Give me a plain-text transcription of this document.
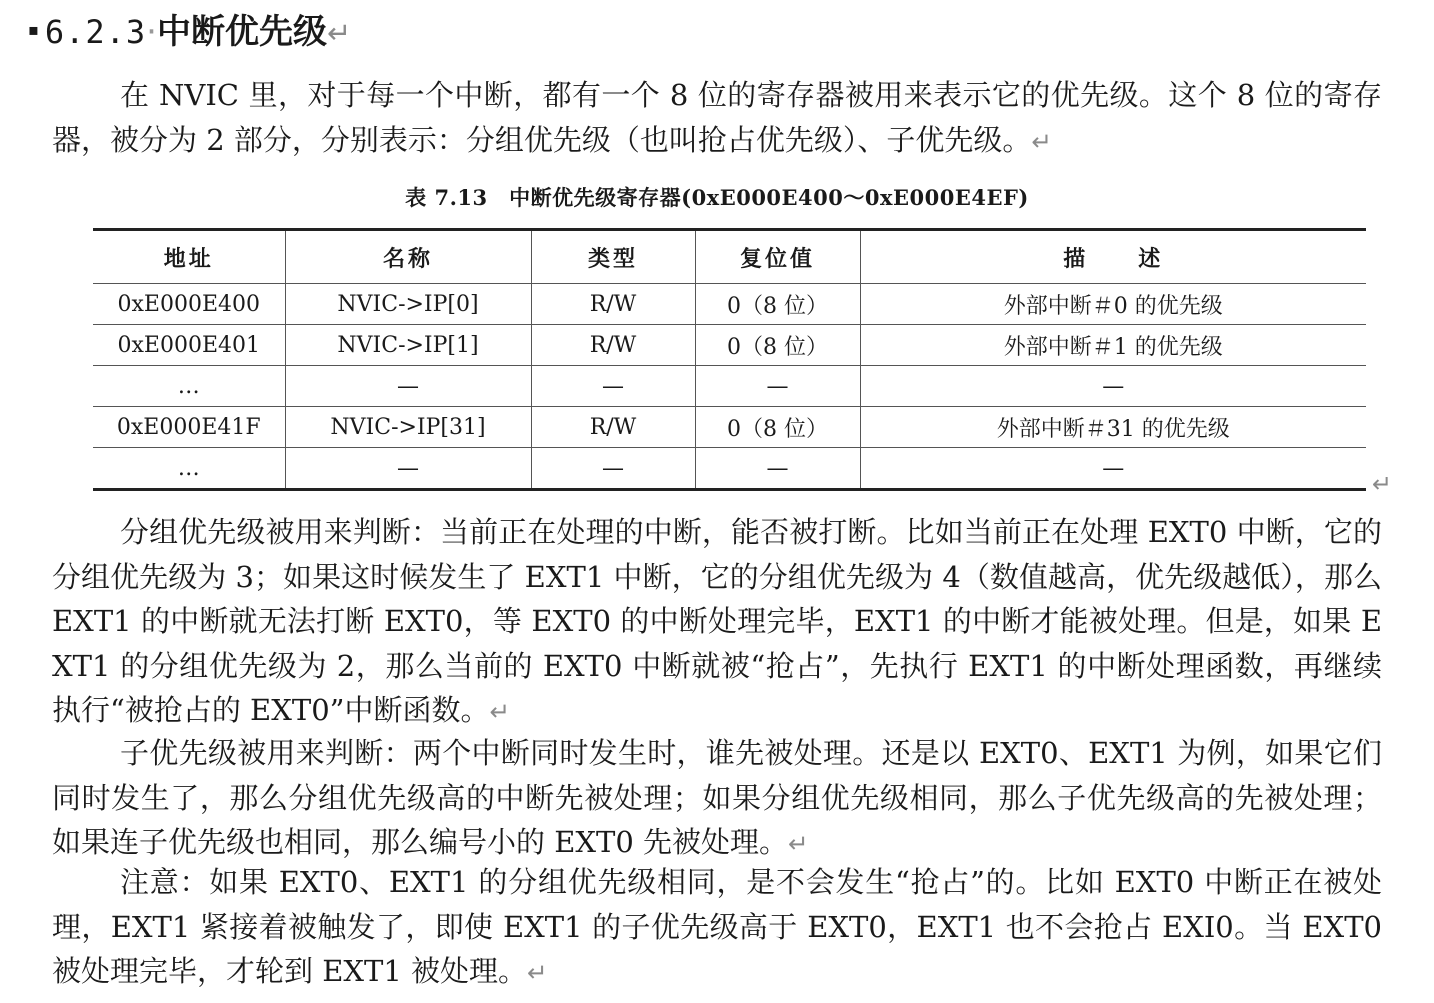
▪ 6.2.3·中断优先级↵

在 NVIC 里，对于每一个中断，都有一个 8 位的寄存器被用来表示它的优先级。这个 8 位的寄存器，被分为 2 部分，分别表示：分组优先级（也叫抢占优先级）、子优先级。↵

表 7.13　中断优先级寄存器(0xE000E400～0xE000E4EF)
地址	名称	类型	复位值	描　　述
0xE000E400	NVIC->IP[0]	R/W	0（8 位）	外部中断＃0 的优先级
0xE000E401	NVIC->IP[1]	R/W	0（8 位）	外部中断＃1 的优先级
…	—	—	—	—
0xE000E41F	NVIC->IP[31]	R/W	0（8 位）	外部中断＃31 的优先级
…	—	—	—	—
↵

分组优先级被用来判断：当前正在处理的中断，能否被打断。比如当前正在处理 EXT0 中断，它的分组优先级为 3；如果这时候发生了 EXT1 中断，它的分组优先级为 4（数值越高，优先级越低），那么 EXT1 的中断就无法打断 EXT0，等 EXT0 的中断处理完毕，EXT1 的中断才能被处理。但是，如果 EXT1 的分组优先级为 2，那么当前的 EXT0 中断就被“抢占”，先执行 EXT1 的中断处理函数，再继续执行“被抢占的 EXT0”中断函数。↵

子优先级被用来判断：两个中断同时发生时，谁先被处理。还是以 EXT0、EXT1 为例，如果它们同时发生了，那么分组优先级高的中断先被处理；如果分组优先级相同，那么子优先级高的先被处理；如果连子优先级也相同，那么编号小的 EXT0 先被处理。↵

注意：如果 EXT0、EXT1 的分组优先级相同，是不会发生“抢占”的。比如 EXT0 中断正在被处理，EXT1 紧接着被触发了，即使 EXT1 的子优先级高于 EXT0，EXT1 也不会抢占 EXI0。当 EXT0 被处理完毕，才轮到 EXT1 被处理。↵
